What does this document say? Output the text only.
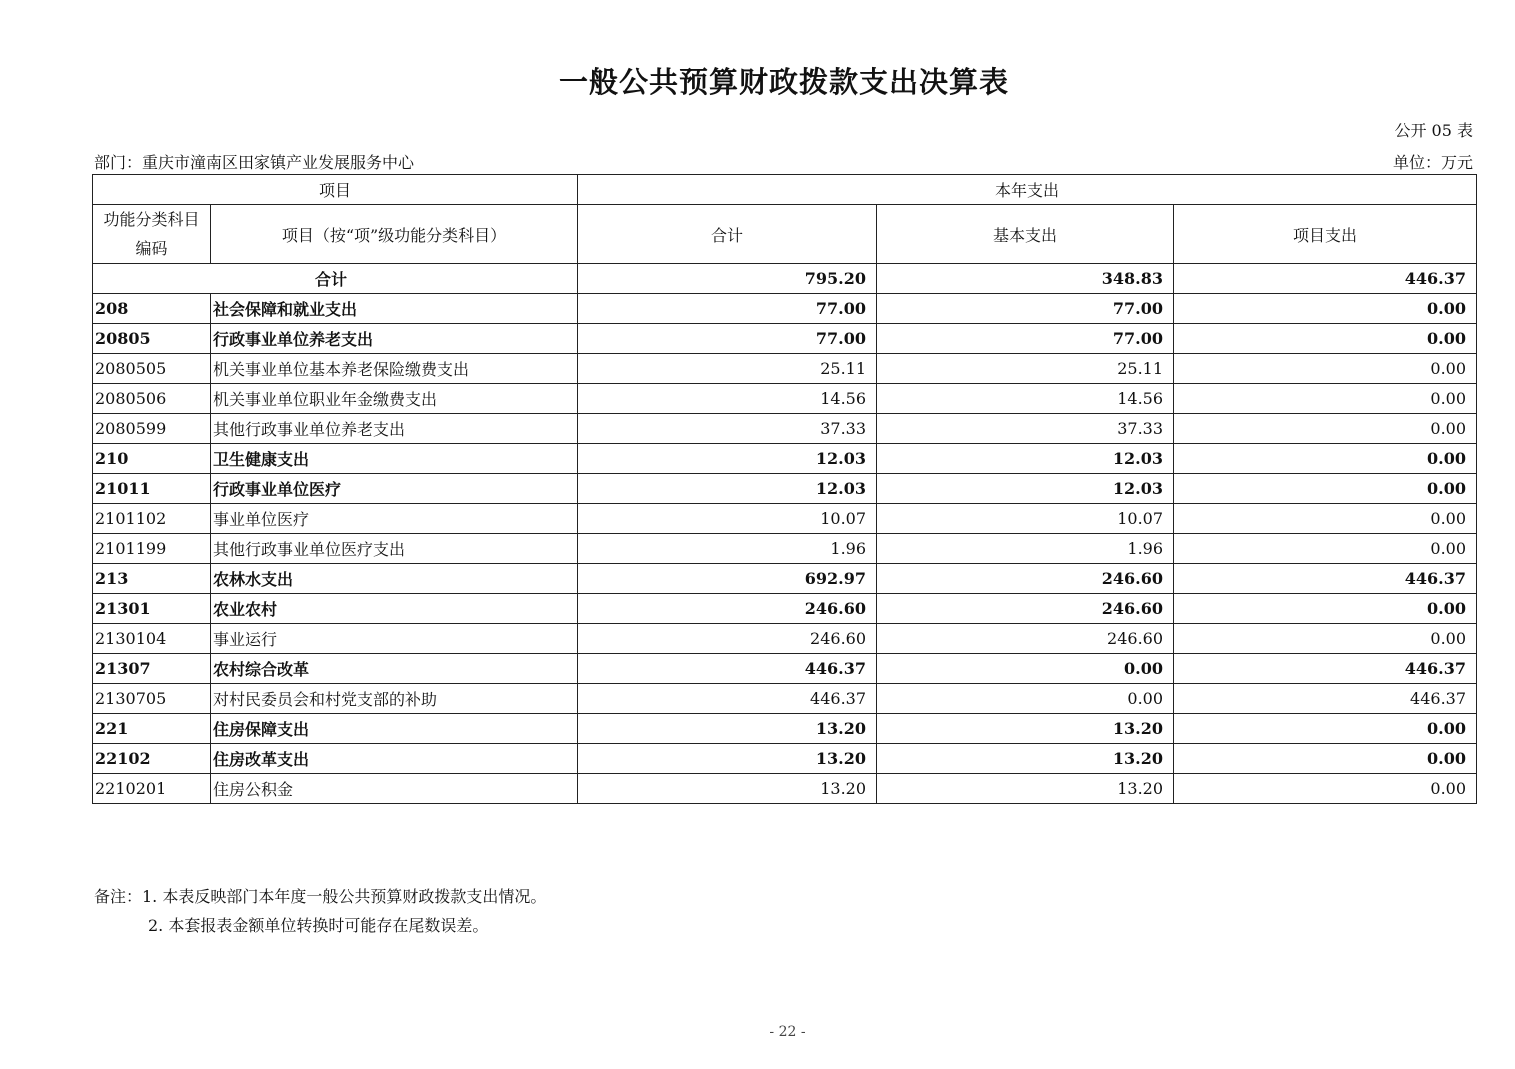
一般公共预算财政拨款支出决算表
公开 05 表
部门：重庆市潼南区田家镇产业发展服务中心	单位：万元
项目		本年支出		
功能分类科目编码	项目（按“项”级功能分类科目）	合计	基本支出	项目支出
合计		795.20	348.83	446.37
208	社会保障和就业支出	77.00	77.00	0.00
20805	行政事业单位养老支出	77.00	77.00	0.00
2080505	机关事业单位基本养老保险缴费支出	25.11	25.11	0.00
2080506	机关事业单位职业年金缴费支出	14.56	14.56	0.00
2080599	其他行政事业单位养老支出	37.33	37.33	0.00
210	卫生健康支出	12.03	12.03	0.00
21011	行政事业单位医疗	12.03	12.03	0.00
2101102	事业单位医疗	10.07	10.07	0.00
2101199	其他行政事业单位医疗支出	1.96	1.96	0.00
213	农林水支出	692.97	246.60	446.37
21301	农业农村	246.60	246.60	0.00
2130104	事业运行	246.60	246.60	0.00
21307	农村综合改革	446.37	0.00	446.37
2130705	对村民委员会和村党支部的补助	446.37	0.00	446.37
221	住房保障支出	13.20	13.20	0.00
22102	住房改革支出	13.20	13.20	0.00
2210201	住房公积金	13.20	13.20	0.00
备注：1. 本表反映部门本年度一般公共预算财政拨款支出情况。
2. 本套报表金额单位转换时可能存在尾数误差。
- 22 -
